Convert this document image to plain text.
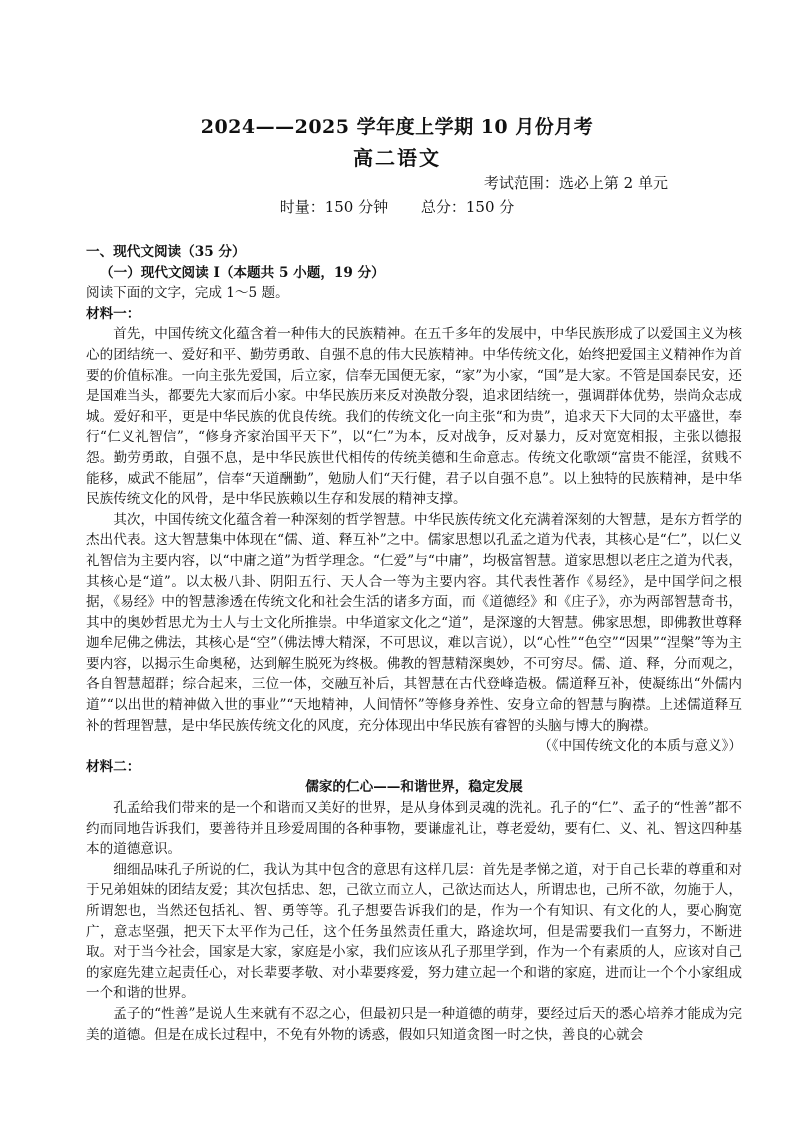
2024——2025 学年度上学期 10 月份月考
高二语文
考试范围：选必上第 2 单元
时量：150 分钟 总分：150 分

一、现代文阅读（35 分）

（一）现代文阅读 I（本题共 5 小题，19 分）

阅读下面的文字，完成 1～5 题。

材料一：

首先，中国传统文化蕴含着一种伟大的民族精神。在五千多年的发展中，中华民族形成了以爱国主义为核心的团结统一、爱好和平、勤劳勇敢、自强不息的伟大民族精神。中华传统文化，始终把爱国主义精神作为首要的价值标准。一向主张先爱国，后立家，信奉无国便无家，“家”为小家，“国”是大家。不管是国泰民安，还是国难当头，都要先大家而后小家。中华民族历来反对涣散分裂，追求团结统一，强调群体优势，崇尚众志成城。爱好和平，更是中华民族的优良传统。我们的传统文化一向主张“和为贵”，追求天下大同的太平盛世，奉行“仁义礼智信”，“修身齐家治国平天下”，以“仁”为本，反对战争，反对暴力，反对宽宽相报，主张以德报怨。勤劳勇敢，自强不息，是中华民族世代相传的传统美德和生命意志。传统文化歌颂“富贵不能淫，贫贱不能移，威武不能屈”，信奉“天道酬勤”，勉励人们“天行健，君子以自强不息”。以上独特的民族精神，是中华民族传统文化的风骨，是中华民族赖以生存和发展的精神支撑。

其次，中国传统文化蕴含着一种深刻的哲学智慧。中华民族传统文化充满着深刻的大智慧，是东方哲学的杰出代表。这大智慧集中体现在“儒、道、释互补”之中。儒家思想以孔孟之道为代表，其核心是“仁”，以仁义礼智信为主要内容，以“中庸之道”为哲学理念。“仁爱”与“中庸”，均极富智慧。道家思想以老庄之道为代表，其核心是“道”。以太极八卦、阴阳五行、天人合一等为主要内容。其代表性著作《易经》，是中国学问之根据，《易经》中的智慧渗透在传统文化和社会生活的诸多方面，而《道德经》和《庄子》，亦为两部智慧奇书，其中的奥妙哲思尤为士人与士文化所推崇。中华道家文化之“道”，是深邃的大智慧。佛家思想，即佛教世尊释迦牟尼佛之佛法，其核心是“空”（佛法博大精深，不可思议，难以言说），以“心性”“色空”“因果”“涅槃”等为主要内容，以揭示生命奥秘，达到解生脱死为终极。佛教的智慧精深奥妙，不可穷尽。儒、道、释，分而观之，各自智慧超群；综合起来，三位一体，交融互补后，其智慧在古代登峰造极。儒道释互补，使凝练出“外儒内道”“以出世的精神做入世的事业”“天地精神，人间情怀”等修身养性、安身立命的智慧与胸襟。上述儒道释互补的哲理智慧，是中华民族传统文化的风度，充分体现出中华民族有睿智的头脑与博大的胸襟。

（《中国传统文化的本质与意义》）

材料二：

儒家的仁心——和谐世界，稳定发展

孔孟给我们带来的是一个和谐而又美好的世界，是从身体到灵魂的洗礼。孔子的“仁”、孟子的“性善”都不约而同地告诉我们，要善待并且珍爱周围的各种事物，要谦虚礼让，尊老爱幼，要有仁、义、礼、智这四种基本的道德意识。

细细品味孔子所说的仁，我认为其中包含的意思有这样几层：首先是孝悌之道，对于自己长辈的尊重和对于兄弟姐妹的团结友爱；其次包括忠、恕，己欲立而立人，己欲达而达人，所谓忠也，己所不欲，勿施于人，所谓恕也，当然还包括礼、智、勇等等。孔子想要告诉我们的是，作为一个有知识、有文化的人，要心胸宽广，意志坚强，把天下太平作为己任，这个任务虽然责任重大，路途坎坷，但是需要我们一直努力，不断进取。对于当今社会，国家是大家，家庭是小家，我们应该从孔子那里学到，作为一个有素质的人，应该对自己的家庭先建立起责任心，对长辈要孝敬、对小辈要疼爱，努力建立起一个和谐的家庭，进而让一个个小家组成一个和谐的世界。

孟子的“性善”是说人生来就有不忍之心，但最初只是一种道德的萌芽，要经过后天的悉心培养才能成为完美的道德。但是在成长过程中，不免有外物的诱惑，假如只知道贪图一时之快，善良的心就会
